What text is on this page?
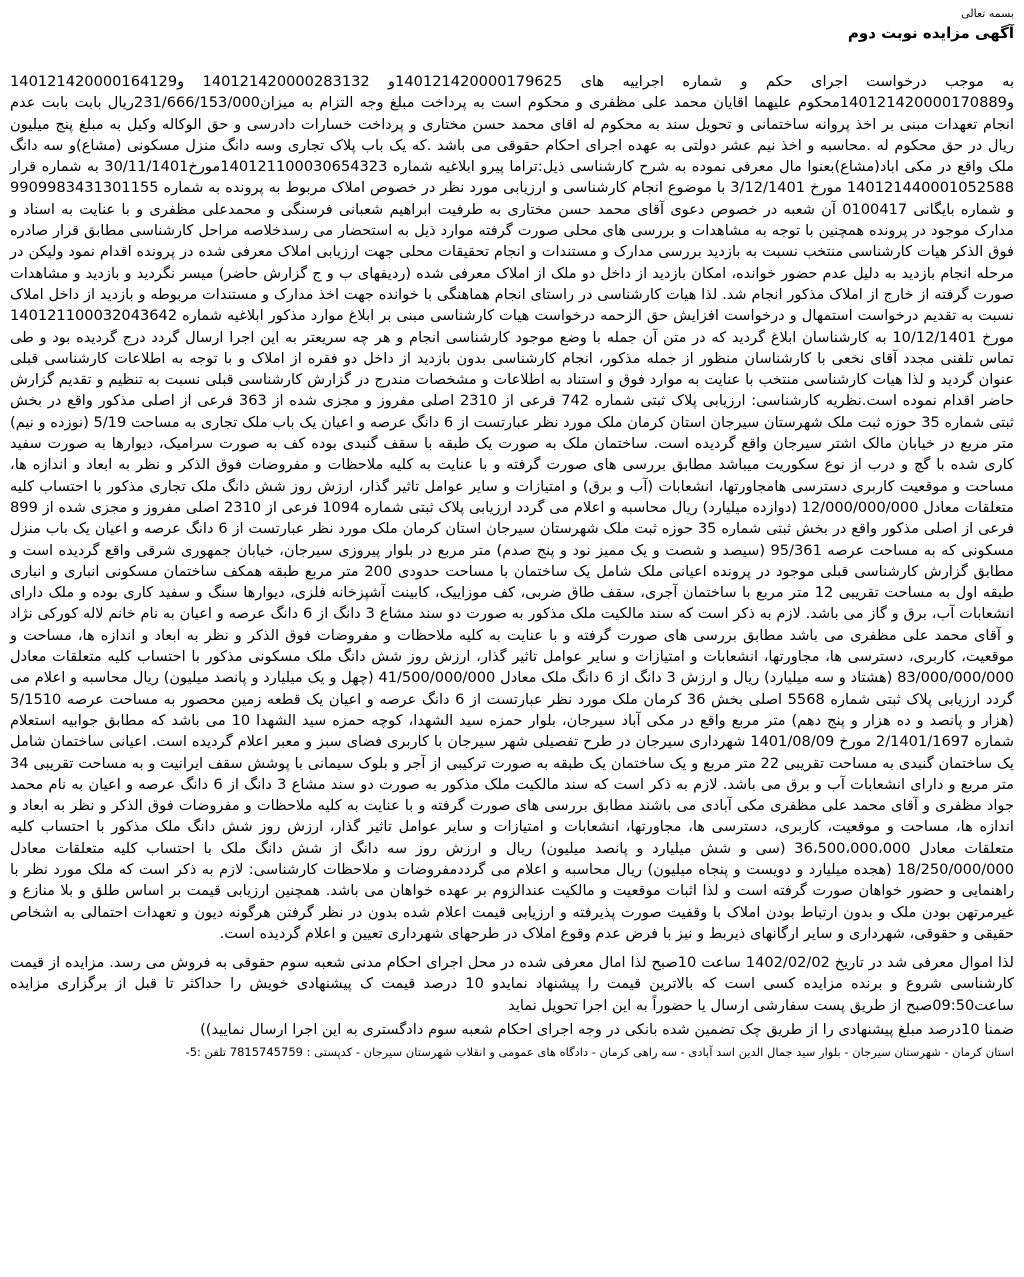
بسمه تعالی
آگهی مزایده نوبت دوم

به موجب درخواست اجرای حکم و شماره اجراییه های 140121420000179625و 140121420000283132 و140121420000164129 و140121420000170889محکوم علیهما اقایان محمد علی مظفری و محکوم است به پرداخت مبلغ وجه التزام به میزان231/666/153/000ریال بابت بابت عدم انجام تعهدات مبنی بر اخذ پروانه ساختمانی و تحویل سند به محکوم له اقای محمد حسن مختاری و پرداخت خسارات دادرسی و حق الوکاله وکیل به مبلغ پنج میلیون ریال در حق محکوم له .محاسبه و اخذ نیم عشر دولتی به عهده اجرای احکام حقوقی می باشد .که یک باب پلاک تجاری وسه دانگ منزل مسکونی (مشاع)و سه دانگ ملک واقع در مکی اباد(مشاع)بعنوا مال معرفی نموده به شرح کارشناسی ذیل:تراما پیرو ابلاغیه شماره 140121100030654323مورخ30/11/1401 به شماره قرار 140121440001052588 مورخ 3/12/1401 با موضوع انجام کارشناسی و ارزیابی مورد نظر در خصوص املاک مربوط به پرونده به شماره 9909983431301155 و شماره بایگانی 0100417 آن شعبه در خصوص دعوی آقای محمد حسن مختاری به طرفیت ابراهیم شعبانی فرسنگی و محمدعلی مظفری و با عنایت به اسناد و مدارک موجود در پرونده همچنین با توجه به مشاهدات و بررسی های محلی صورت گرفته موارد ذیل به استحضار می رسدخلاصه مراحل کارشناسی مطابق قرار صادره فوق الذکر هیات کارشناسی منتخب نسبت به بازدید بررسی مدارک و مستندات و انجام تحقیقات محلی جهت ارزیابی املاک معرفی شده در پرونده اقدام نمود ولیکن در مرحله انجام بازدید به دلیل عدم حضور خوانده، امکان بازدید از داخل دو ملک از املاک معرفی شده (ردیفهای ب و ج گزارش حاضر) میسر نگردید و بازدید و مشاهدات صورت گرفته از خارج از املاک مذکور انجام شد. لذا هیات کارشناسی در راستای انجام هماهنگی با خوانده جهت اخذ مدارک و مستندات مربوطه و بازدید از داخل املاک نسبت به تقدیم درخواست استمهال و درخواست افزایش حق الزحمه درخواست هیات کارشناسی مبنی بر ابلاغ موارد مذکور ابلاغیه شماره 140121100032043642 مورخ 10/12/1401 به کارشناسان ابلاغ گردید که در متن آن جمله با وضع موجود کارشناسی انجام و هر چه سریعتر به این اجرا ارسال گردد درج گردیده بود و طی تماس تلفنی مجدد آقای نخعی با کارشناسان منظور از جمله مذکور، انجام کارشناسی بدون بازدید از داخل دو فقره از املاک و با توجه به اطلاعات کارشناسی قبلی عنوان گردید و لذا هیات کارشناسی منتخب با عنایت به موارد فوق و استناد به اطلاعات و مشخصات مندرج در گزارش کارشناسی قبلی نسبت به تنظیم و تقدیم گزارش حاضر اقدام نموده است.نظریه کارشناسی: ارزیابی پلاک ثبتی شماره 742 فرعی از 2310 اصلی مفروز و مجزی شده از 363 فرعی از اصلی مذکور واقع در بخش ثبتی شماره 35 حوزه ثبت ملک شهرستان سیرجان استان کرمان ملک مورد نظر عبارتست از 6 دانگ عرصه و اعیان یک باب ملک تجاری به مساحت 5/19 (نوزده و نیم) متر مربع در خیابان مالک اشتر سیرجان واقع گردیده است. ساختمان ملک به صورت یک طبقه با سقف گنبدی بوده کف به صورت سرامیک، دیوارها به صورت سفید کاری شده با گچ و درب از نوع سکوریت میباشد مطابق بررسی های صورت گرفته و با عنایت به کلیه ملاحظات و مفروضات فوق الذکر و نظر به ابعاد و اندازه ها، مساحت و موقعیت کاربری دسترسی هامجاورتها، انشعابات (آب و برق) و امتیازات و سایر عوامل تاثیر گذار، ارزش روز شش دانگ ملک تجاری مذکور با احتساب کلیه متعلقات معادل 12/000/000/000 (دوازده میلیارد) ریال محاسبه و اعلام می گردد ارزیابی پلاک ثبتی شماره 1094 فرعی از 2310 اصلی مفروز و مجزی شده از 899 فرعی از اصلی مذکور واقع در بخش ثبتی شماره 35 حوزه ثبت ملک شهرستان سیرجان استان کرمان ملک مورد نظر عبارتست از 6 دانگ عرصه و اعیان یک باب منزل مسکونی که به مساحت عرصه 95/361 (سیصد و شصت و یک ممیز نود و پنج صدم) متر مربع در بلوار پیروزی سیرجان، خیابان جمهوری شرقی واقع گردیده است و مطابق گزارش کارشناسی قبلی موجود در پرونده اعیانی ملک شامل یک ساختمان با مساحت حدودی 200 متر مربع طبقه همکف ساختمان مسکونی انباری و انباری طبقه اول به مساحت تقریبی 12 متر مربع با ساختمان آجری، سقف طاق ضربی، کف موزاییک، کابینت آشپزخانه فلزی، دیوارها سنگ و سفید کاری بوده و ملک دارای انشعابات آب، برق و گاز می باشد. لازم به ذکر است که سند مالکیت ملک مذکور به صورت دو سند مشاع 3 دانگ از 6 دانگ عرصه و اعیان به نام خانم لاله کورکی نژاد و آقای محمد علی مظفری می باشد مطابق بررسی های صورت گرفته و با عنایت به کلیه ملاحظات و مفروضات فوق الذکر و نظر به ابعاد و اندازه ها، مساحت و موقعیت، کاربری، دسترسی ها، مجاورتها، انشعابات و امتیازات و سایر عوامل تاثیر گذار، ارزش روز شش دانگ ملک مسکونی مذکور با احتساب کلیه متعلقات معادل 83/000/000/000 (هشتاد و سه میلیارد) ریال و ارزش 3 دانگ از 6 دانگ ملک معادل 41/500/000/000 (چهل و یک میلیارد و پانصد میلیون) ریال محاسبه و اعلام می گردد ارزیابی پلاک ثبتی شماره 5568 اصلی بخش 36 کرمان ملک مورد نظر عبارتست از 6 دانگ عرصه و اعیان یک قطعه زمین محصور به مساحت عرصه 5/1510 (هزار و پانصد و ده هزار و پنج دهم) متر مربع واقع در مکی آباد سیرجان، بلوار حمزه سید الشهدا، کوچه حمزه سید الشهدا 10 می باشد که مطابق جوابیه استعلام شماره 2/1401/1697 مورخ 1401/08/09 شهرداری سیرجان در طرح تفصیلی شهر سیرجان با کاربری فضای سبز و معبر اعلام گردیده است. اعیانی ساختمان شامل یک ساختمان گنبدی به مساحت تقریبی 22 متر مربع و یک ساختمان یک طبقه به صورت ترکیبی از آجر و بلوک سیمانی با پوشش سقف ایرانیت و به مساحت تقریبی 34 متر مربع و دارای انشعابات آب و برق می باشد. لازم به ذکر است که سند مالکیت ملک مذکور به صورت دو سند مشاع 3 دانگ از 6 دانگ عرصه و اعیان به نام محمد جواد مظفری و آقای محمد علی مظفری مکی آبادی می باشند مطابق بررسی های صورت گرفته و با عنایت به کلیه ملاحظات و مفروضات فوق الذکر و نظر به ابعاد و اندازه ها، مساحت و موقعیت، کاربری، دسترسی ها، مجاورتها، انشعابات و امتیازات و سایر عوامل تاثیر گذار، ارزش روز شش دانگ ملک مذکور با احتساب کلیه متعلقات معادل 36،500،000،000 (سی و شش میلیارد و پانصد میلیون) ریال و ارزش روز سه دانگ از شش دانگ ملک با احتساب کلیه متعلقات معادل 18/250/000/000 (هجده میلیارد و دویست و پنجاه میلیون) ریال محاسبه و اعلام می گرددمفروضات و ملاحظات کارشناسی: لازم به ذکر است که ملک مورد نظر با راهنمایی و حضور خواهان صورت گرفته است و لذا اثبات موقعیت و مالکیت عندالزوم بر عهده خواهان می باشد. همچنین ارزیابی قیمت بر اساس طلق و بلا منازع و غیرمرتهن بودن ملک و بدون ارتباط بودن املاک با وقفیت صورت پذیرفته و ارزیابی قیمت اعلام شده بدون در نظر گرفتن هرگونه دیون و تعهدات احتمالی به اشخاص حقیقی و حقوقی، شهرداری و سایر ارگانهای ذیربط و نیز با فرض عدم وقوع املاک در طرحهای شهرداری تعیین و اعلام گردیده است.

لذا اموال معرفی شد در تاریخ 1402/02/02 ساعت 10صبح لذا امال معرفی شده در محل اجرای احکام مدنی شعبه سوم حقوقی به فروش می رسد. مزایده از قیمت کارشناسی شروع و برنده مزایده کسی است که بالاترین قیمت را پیشنهاد نمایدو 10 درصد قیمت ک پیشنهادی خویش را حداکثر تا قبل از برگزاری مزایده ساعت09:50صبح از طریق پست سفارشی ارسال یا حضوراً به این اجرا تحویل نماید

ضمنا 10درصد مبلغ پیشنهادی را از طریق چک تضمین شده بانکی در وجه اجرای احکام شعبه سوم دادگستری به این اجرا ارسال نمایید))

استان کرمان - شهرستان سیرجان - بلوار سید جمال الدین اسد آبادی - سه راهی کرمان - دادگاه های عمومی و انقلاب شهرستان سیرجان - کدپستی : 7815745759 تلفن :5-
